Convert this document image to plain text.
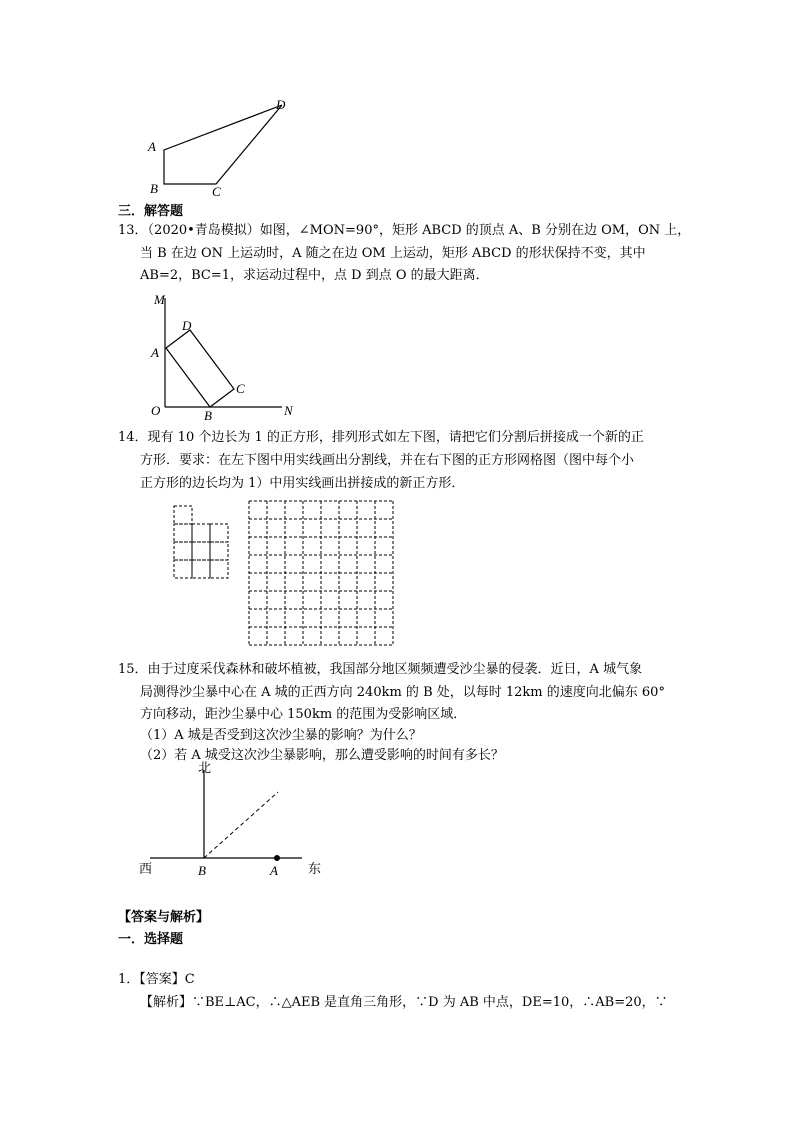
D
A
B	C
三．解答题
13．（2020•青岛模拟）如图，∠MON=90°，矩形 ABCD 的顶点 A、B 分别在边 OM，ON 上，
当 B 在边 ON 上运动时，A 随之在边 OM 上运动，矩形 ABCD 的形状保持不变，其中
AB=2，BC=1，求运动过程中，点 D 到点 O 的最大距离．
M
D
A
C
O	B	N
14．现有 10 个边长为 1 的正方形，排列形式如左下图，请把它们分割后拼接成一个新的正
方形．要求：在左下图中用实线画出分割线，并在右下图的正方形网格图（图中每个小
正方形的边长均为 1）中用实线画出拼接成的新正方形．
15．由于过度采伐森林和破坏植被，我国部分地区频频遭受沙尘暴的侵袭．近日，A 城气象
局测得沙尘暴中心在 A 城的正西方向 240km 的 B 处，以每时 12km 的速度向北偏东 60°
方向移动，距沙尘暴中心 150km 的范围为受影响区域．
（1）A 城是否受到这次沙尘暴的影响？为什么？
（2）若 A 城受这次沙尘暴影响，那么遭受影响的时间有多长？
北
西	东
B	A
【答案与解析】
一．选择题
1．【答案】C
【解析】∵BE⊥AC，∴△AEB 是直角三角形，∵D 为 AB 中点，DE=10，∴AB=20，∵
